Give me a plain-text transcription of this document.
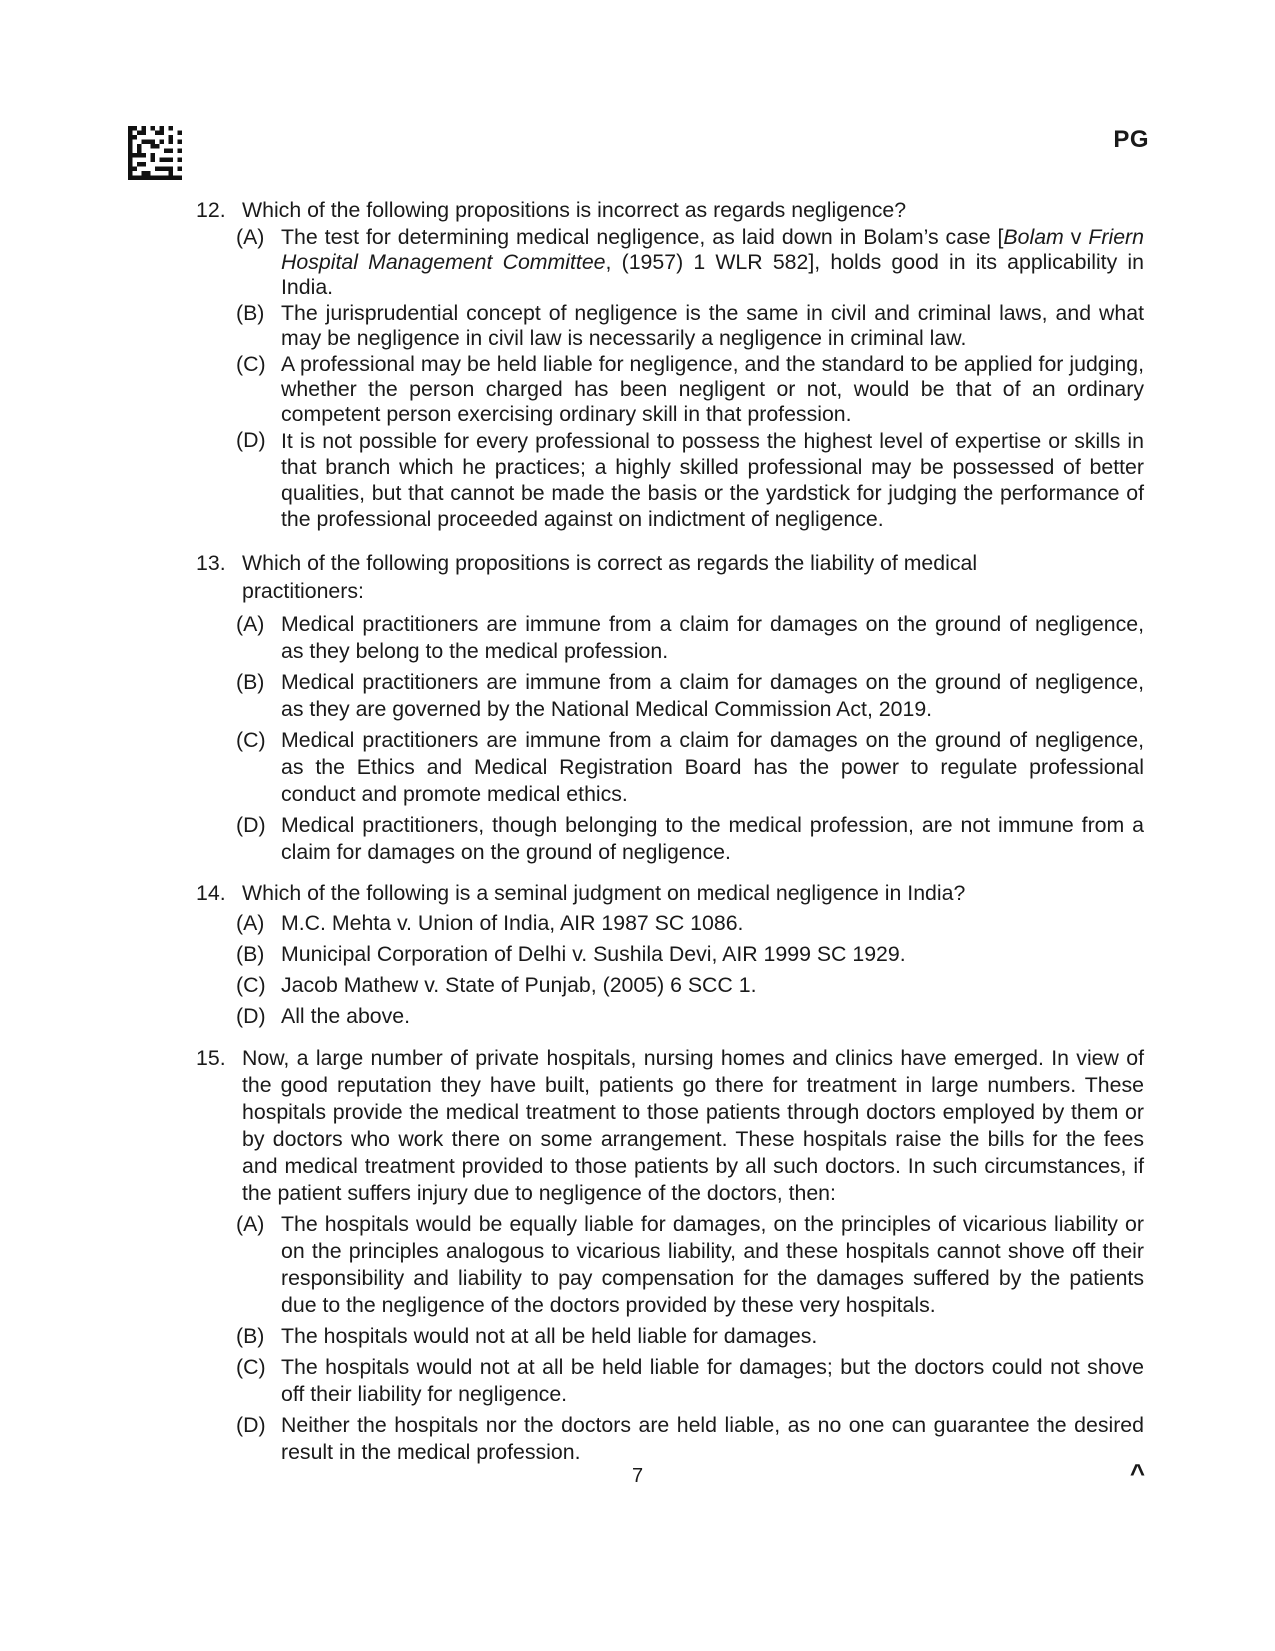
PG
12. Which of the following propositions is incorrect as regards negligence?
(A) The test for determining medical negligence, as laid down in Bolam’s case [Bolam v Friern Hospital Management Committee, (1957) 1 WLR 582], holds good in its applicability in India.
(B) The jurisprudential concept of negligence is the same in civil and criminal laws, and what may be negligence in civil law is necessarily a negligence in criminal law.
(C) A professional may be held liable for negligence, and the standard to be applied for judging, whether the person charged has been negligent or not, would be that of an ordinary competent person exercising ordinary skill in that profession.
(D) It is not possible for every professional to possess the highest level of expertise or skills in that branch which he practices; a highly skilled professional may be possessed of better qualities, but that cannot be made the basis or the yardstick for judging the performance of the professional proceeded against on indictment of negligence.
13. Which of the following propositions is correct as regards the liability of medical practitioners:
(A) Medical practitioners are immune from a claim for damages on the ground of negligence, as they belong to the medical profession.
(B) Medical practitioners are immune from a claim for damages on the ground of negligence, as they are governed by the National Medical Commission Act, 2019.
(C) Medical practitioners are immune from a claim for damages on the ground of negligence, as the Ethics and Medical Registration Board has the power to regulate professional conduct and promote medical ethics.
(D) Medical practitioners, though belonging to the medical profession, are not immune from a claim for damages on the ground of negligence.
14. Which of the following is a seminal judgment on medical negligence in India?
(A) M.C. Mehta v. Union of India, AIR 1987 SC 1086.
(B) Municipal Corporation of Delhi v. Sushila Devi, AIR 1999 SC 1929.
(C) Jacob Mathew v. State of Punjab, (2005) 6 SCC 1.
(D) All the above.
15. Now, a large number of private hospitals, nursing homes and clinics have emerged. In view of the good reputation they have built, patients go there for treatment in large numbers. These hospitals provide the medical treatment to those patients through doctors employed by them or by doctors who work there on some arrangement. These hospitals raise the bills for the fees and medical treatment provided to those patients by all such doctors. In such circumstances, if the patient suffers injury due to negligence of the doctors, then:
(A) The hospitals would be equally liable for damages, on the principles of vicarious liability or on the principles analogous to vicarious liability, and these hospitals cannot shove off their responsibility and liability to pay compensation for the damages suffered by the patients due to the negligence of the doctors provided by these very hospitals.
(B) The hospitals would not at all be held liable for damages.
(C) The hospitals would not at all be held liable for damages; but the doctors could not shove off their liability for negligence.
(D) Neither the hospitals nor the doctors are held liable, as no one can guarantee the desired result in the medical profession.
7	^
